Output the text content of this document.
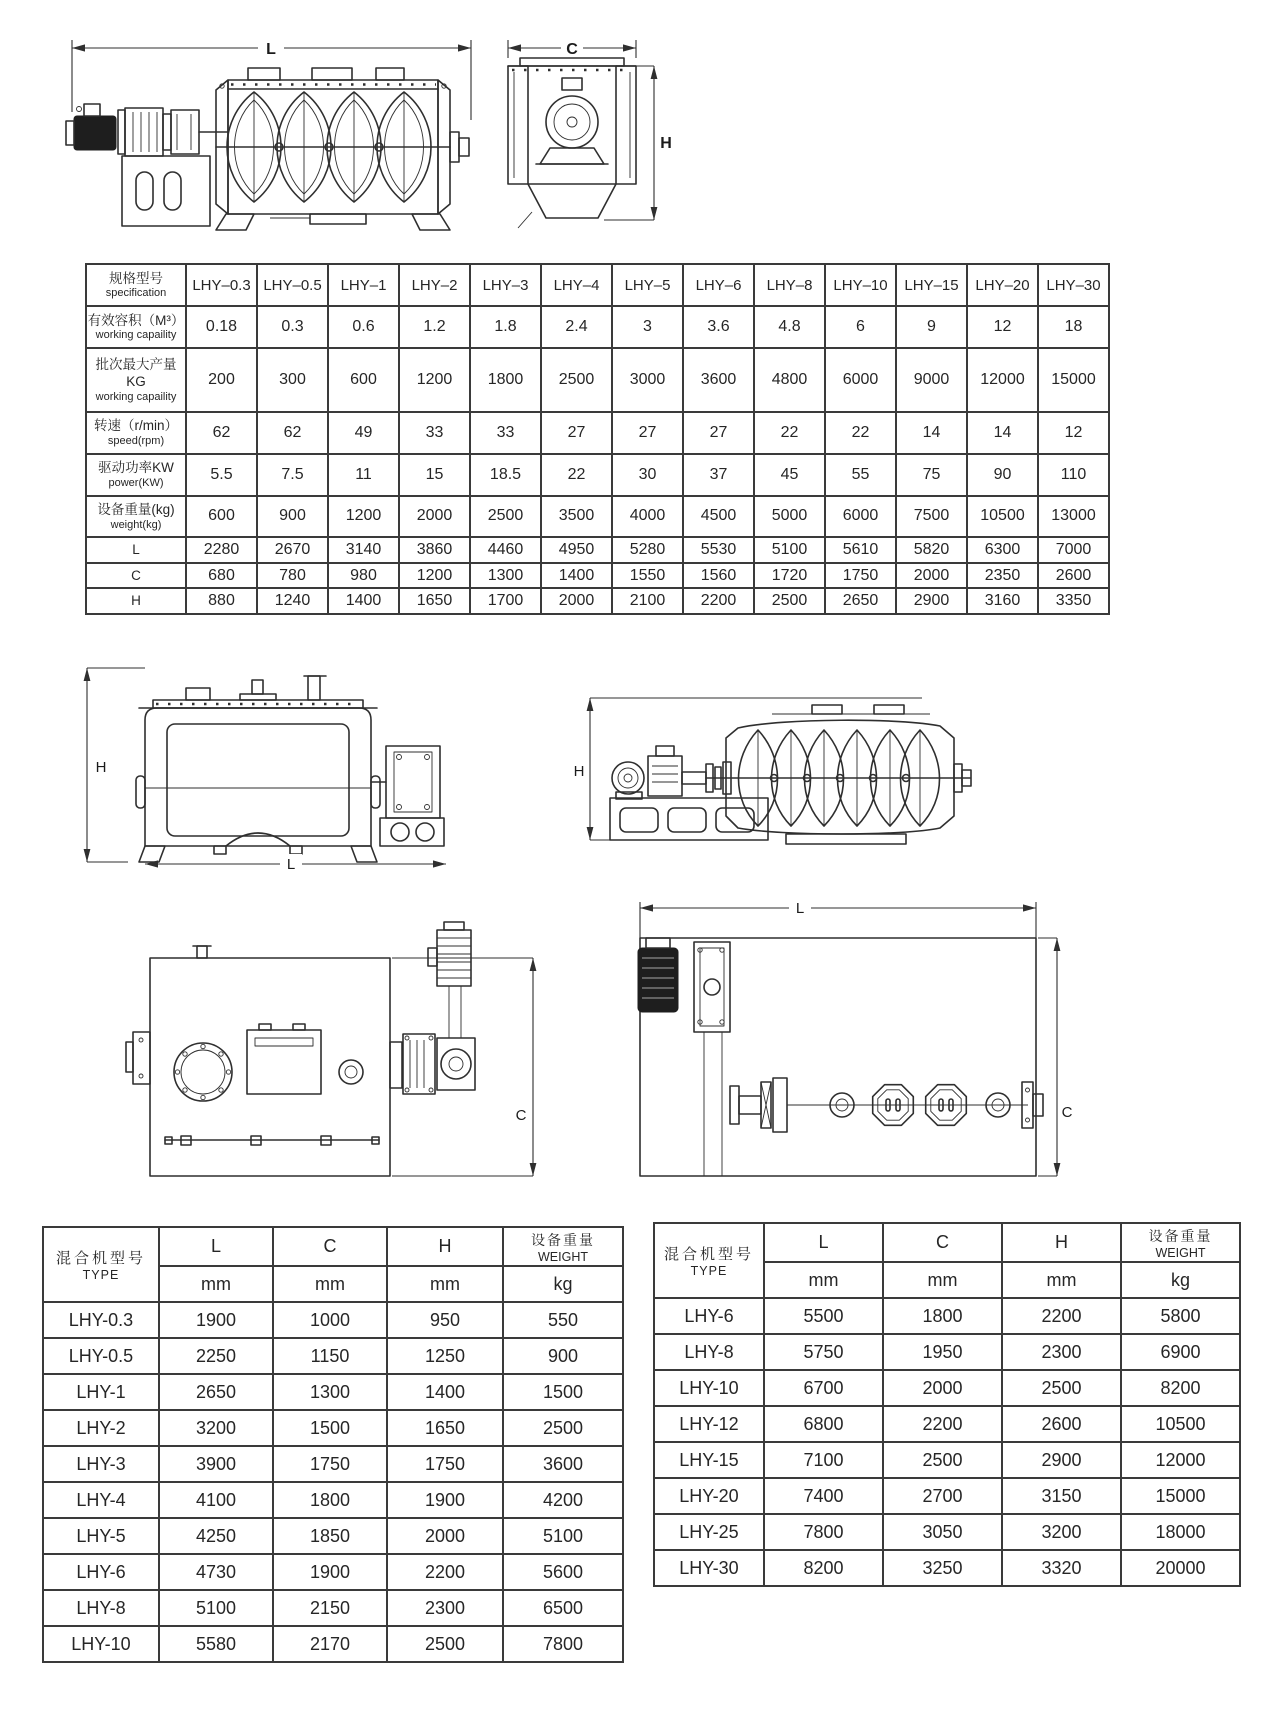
L	C
H
规格型号
specification	LHY–0.3	LHY–0.5	LHY–1	LHY–2	LHY–3	LHY–4	LHY–5	LHY–6	LHY–8	LHY–10	LHY–15	LHY–20	LHY–30

有效容积（M³）
working capaility	0.18	0.3	0.6	1.2	1.8	2.4	3	3.6	4.8	6	9	12	18

批次最大产量KG
working capaility	200	300	600	1200	1800	2500	3000	3600	4800	6000	9000	12000	15000

转速（r/min）
speed(rpm)	62	62	49	33	33	27	27	27	22	22	14	14	12

驱动功率KW
power(KW)	5.5	7.5	11	15	18.5	22	30	37	45	55	75	90	110

设备重量(kg)
weight(kg)	600	900	1200	2000	2500	3500	4000	4500	5000	6000	7500	10500	13000

L	2280	2670	3140	3860	4460	4950	5280	5530	5100	5610	5820	6300	7000

C	680	780	980	1200	1300	1400	1550	1560	1720	1750	2000	2350	2600

H	880	1240	1400	1650	1700	2000	2100	2200	2500	2650	2900	3160	3350
H
L
H
C
L
C
混合机型号
TYPE
	L	C	H	设备重量
WEIGHT

	mm	mm	mm	kg
LHY-0.3	1900	1000	950	550
LHY-0.5	2250	1150	1250	900
LHY-1	2650	1300	1400	1500
LHY-2	3200	1500	1650	2500
LHY-3	3900	1750	1750	3600
LHY-4	4100	1800	1900	4200
LHY-5	4250	1850	2000	5100
LHY-6	4730	1900	2200	5600
LHY-8	5100	2150	2300	6500
LHY-10	5580	2170	2500	7800
混合机型号
TYPE
	L	C	H	设备重量
WEIGHT

	mm	mm	mm	kg
LHY-6	5500	1800	2200	5800
LHY-8	5750	1950	2300	6900
LHY-10	6700	2000	2500	8200
LHY-12	6800	2200	2600	10500
LHY-15	7100	2500	2900	12000
LHY-20	7400	2700	3150	15000
LHY-25	7800	3050	3200	18000
LHY-30	8200	3250	3320	20000
